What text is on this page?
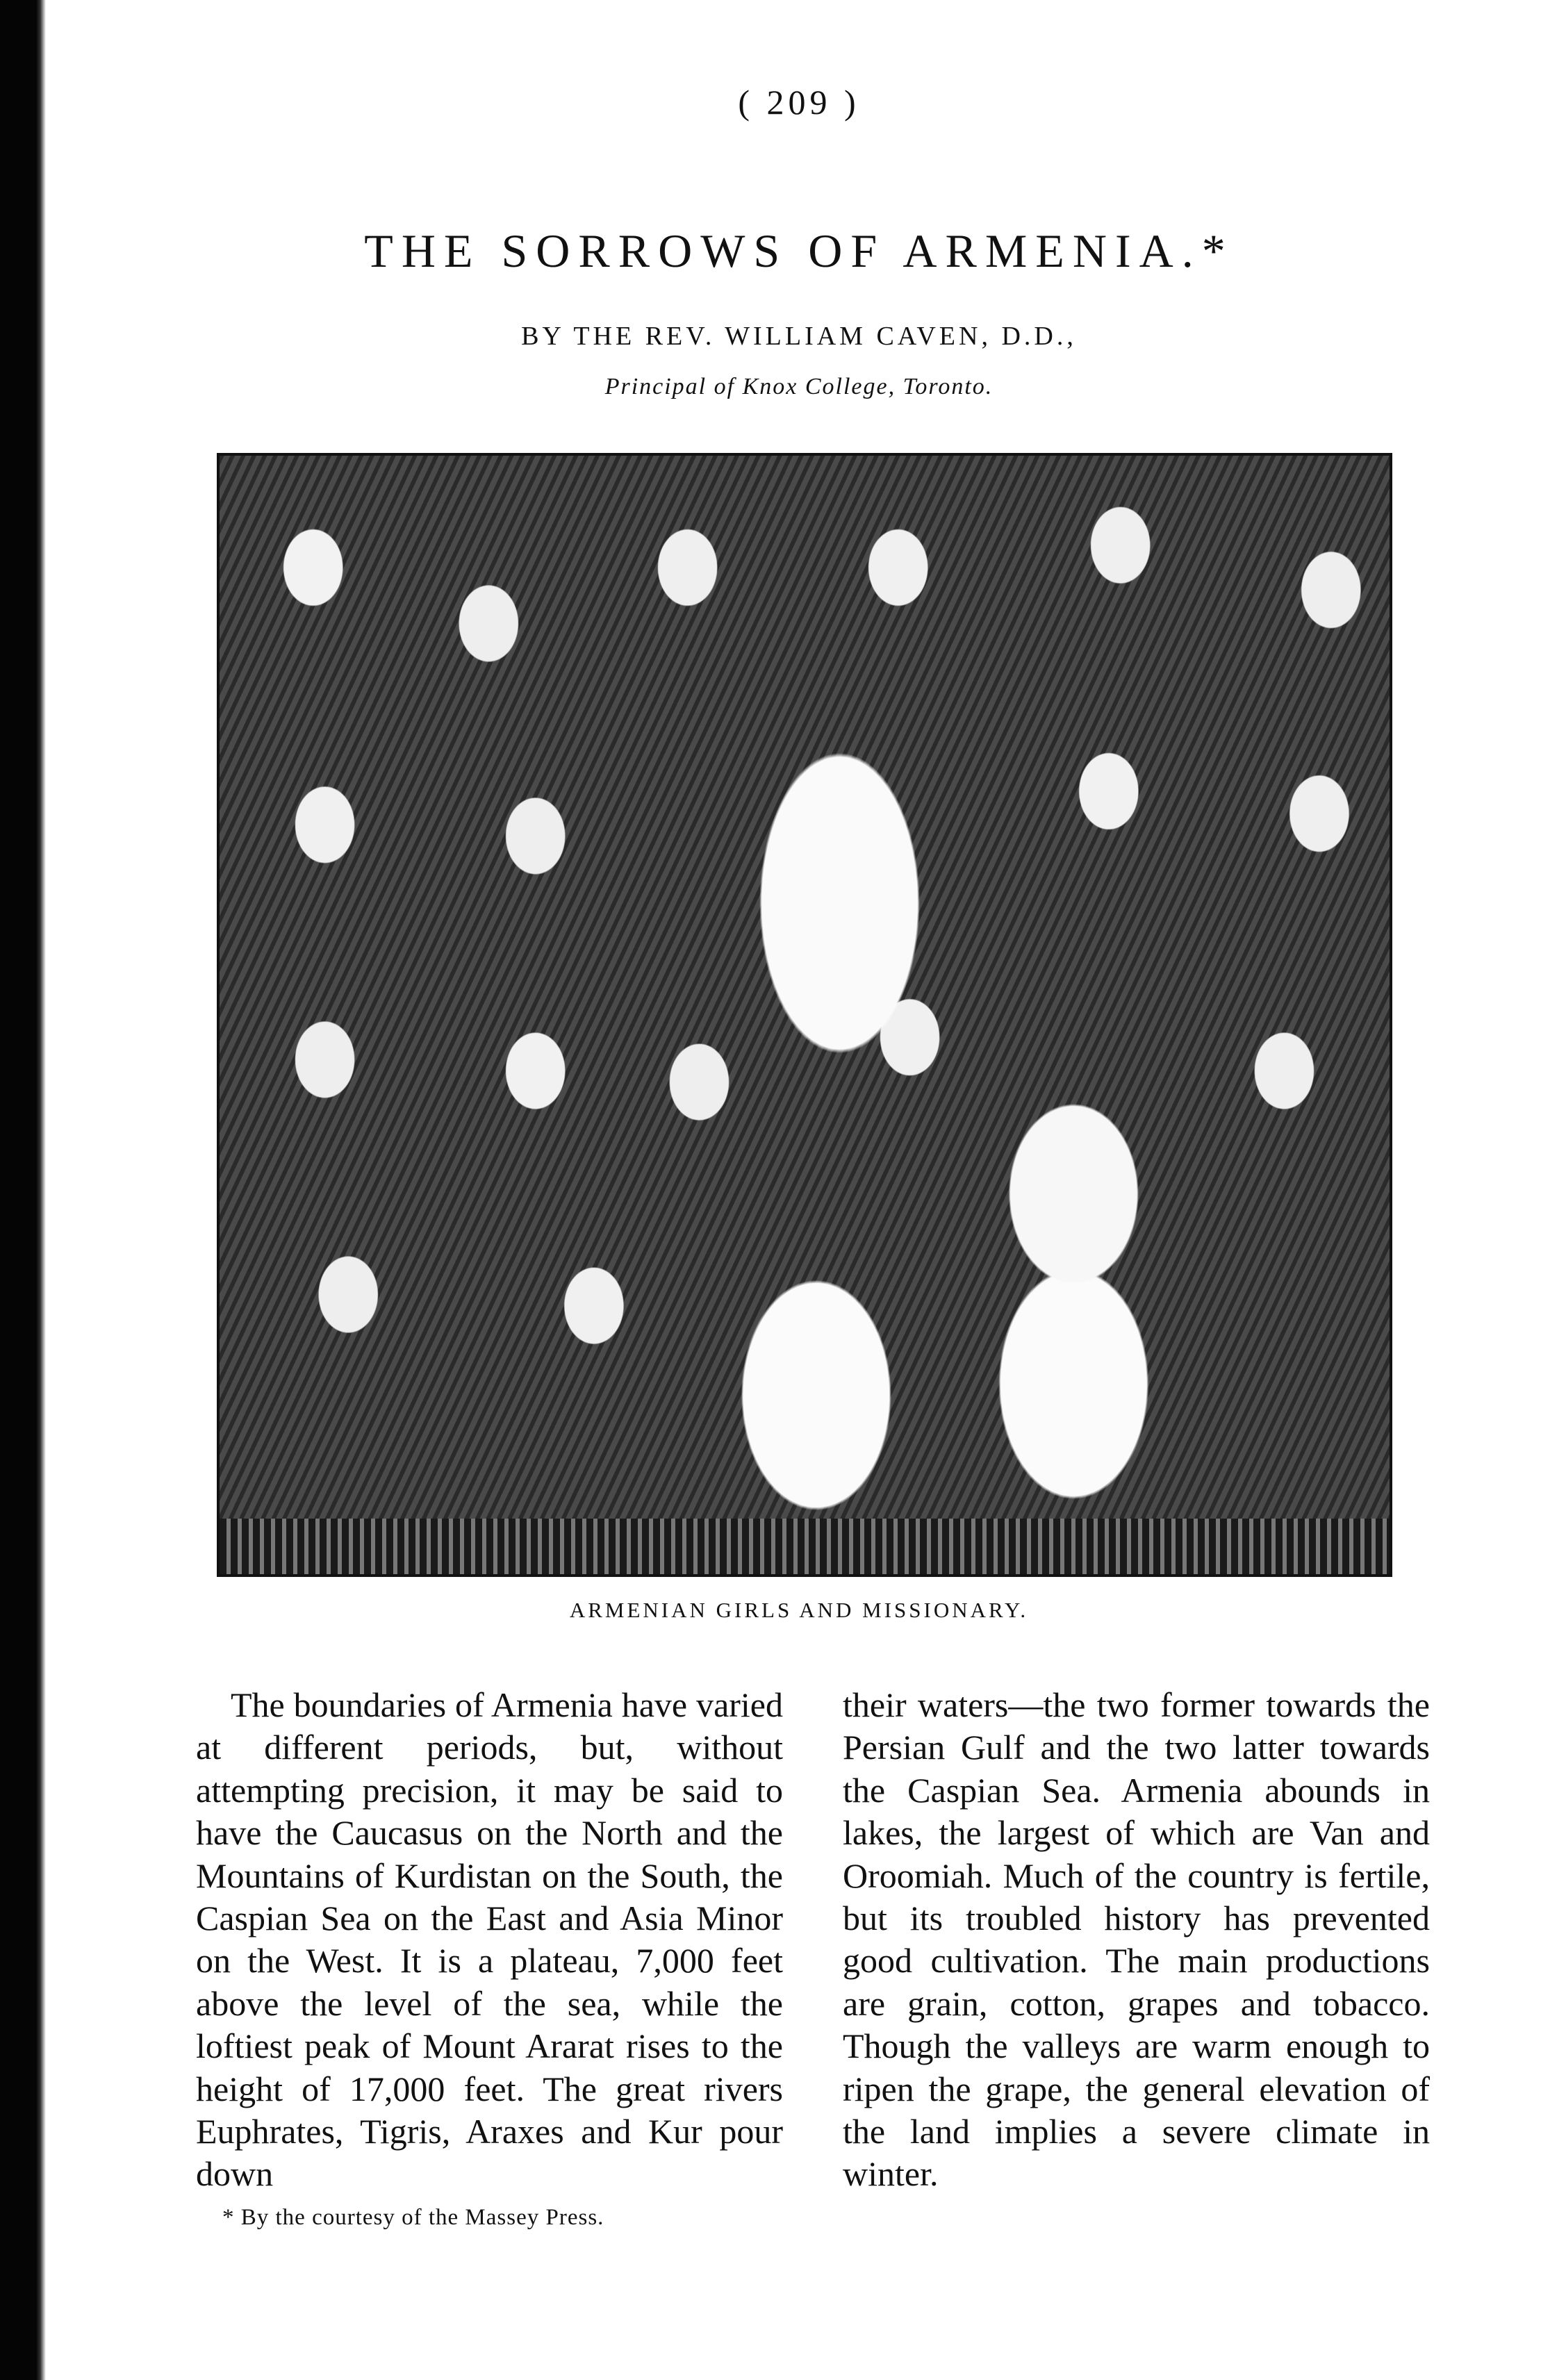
( 209 )
THE SORROWS OF ARMENIA.*
BY THE REV. WILLIAM CAVEN, D.D.,
Principal of Knox College, Toronto.
ARMENIAN GIRLS AND MISSIONARY.

The boundaries of Armenia have varied at different periods, but, without attempting precision, it may be said to have the Caucasus on the North and the Mountains of Kurdistan on the South, the Caspian Sea on the East and Asia Minor on the West. It is a plateau, 7,000 feet above the level of the sea, while the loftiest peak of Mount Ararat rises to the height of 17,000 feet. The great rivers Euphrates, Tigris, Araxes and Kur pour down

their waters—the two former towards the Persian Gulf and the two latter towards the Caspian Sea. Armenia abounds in lakes, the largest of which are Van and Oroomiah. Much of the country is fertile, but its troubled history has prevented good cultivation. The main productions are grain, cotton, grapes and tobacco. Though the valleys are warm enough to ripen the grape, the general elevation of the land implies a severe climate in winter.

* By the courtesy of the Massey Press.
